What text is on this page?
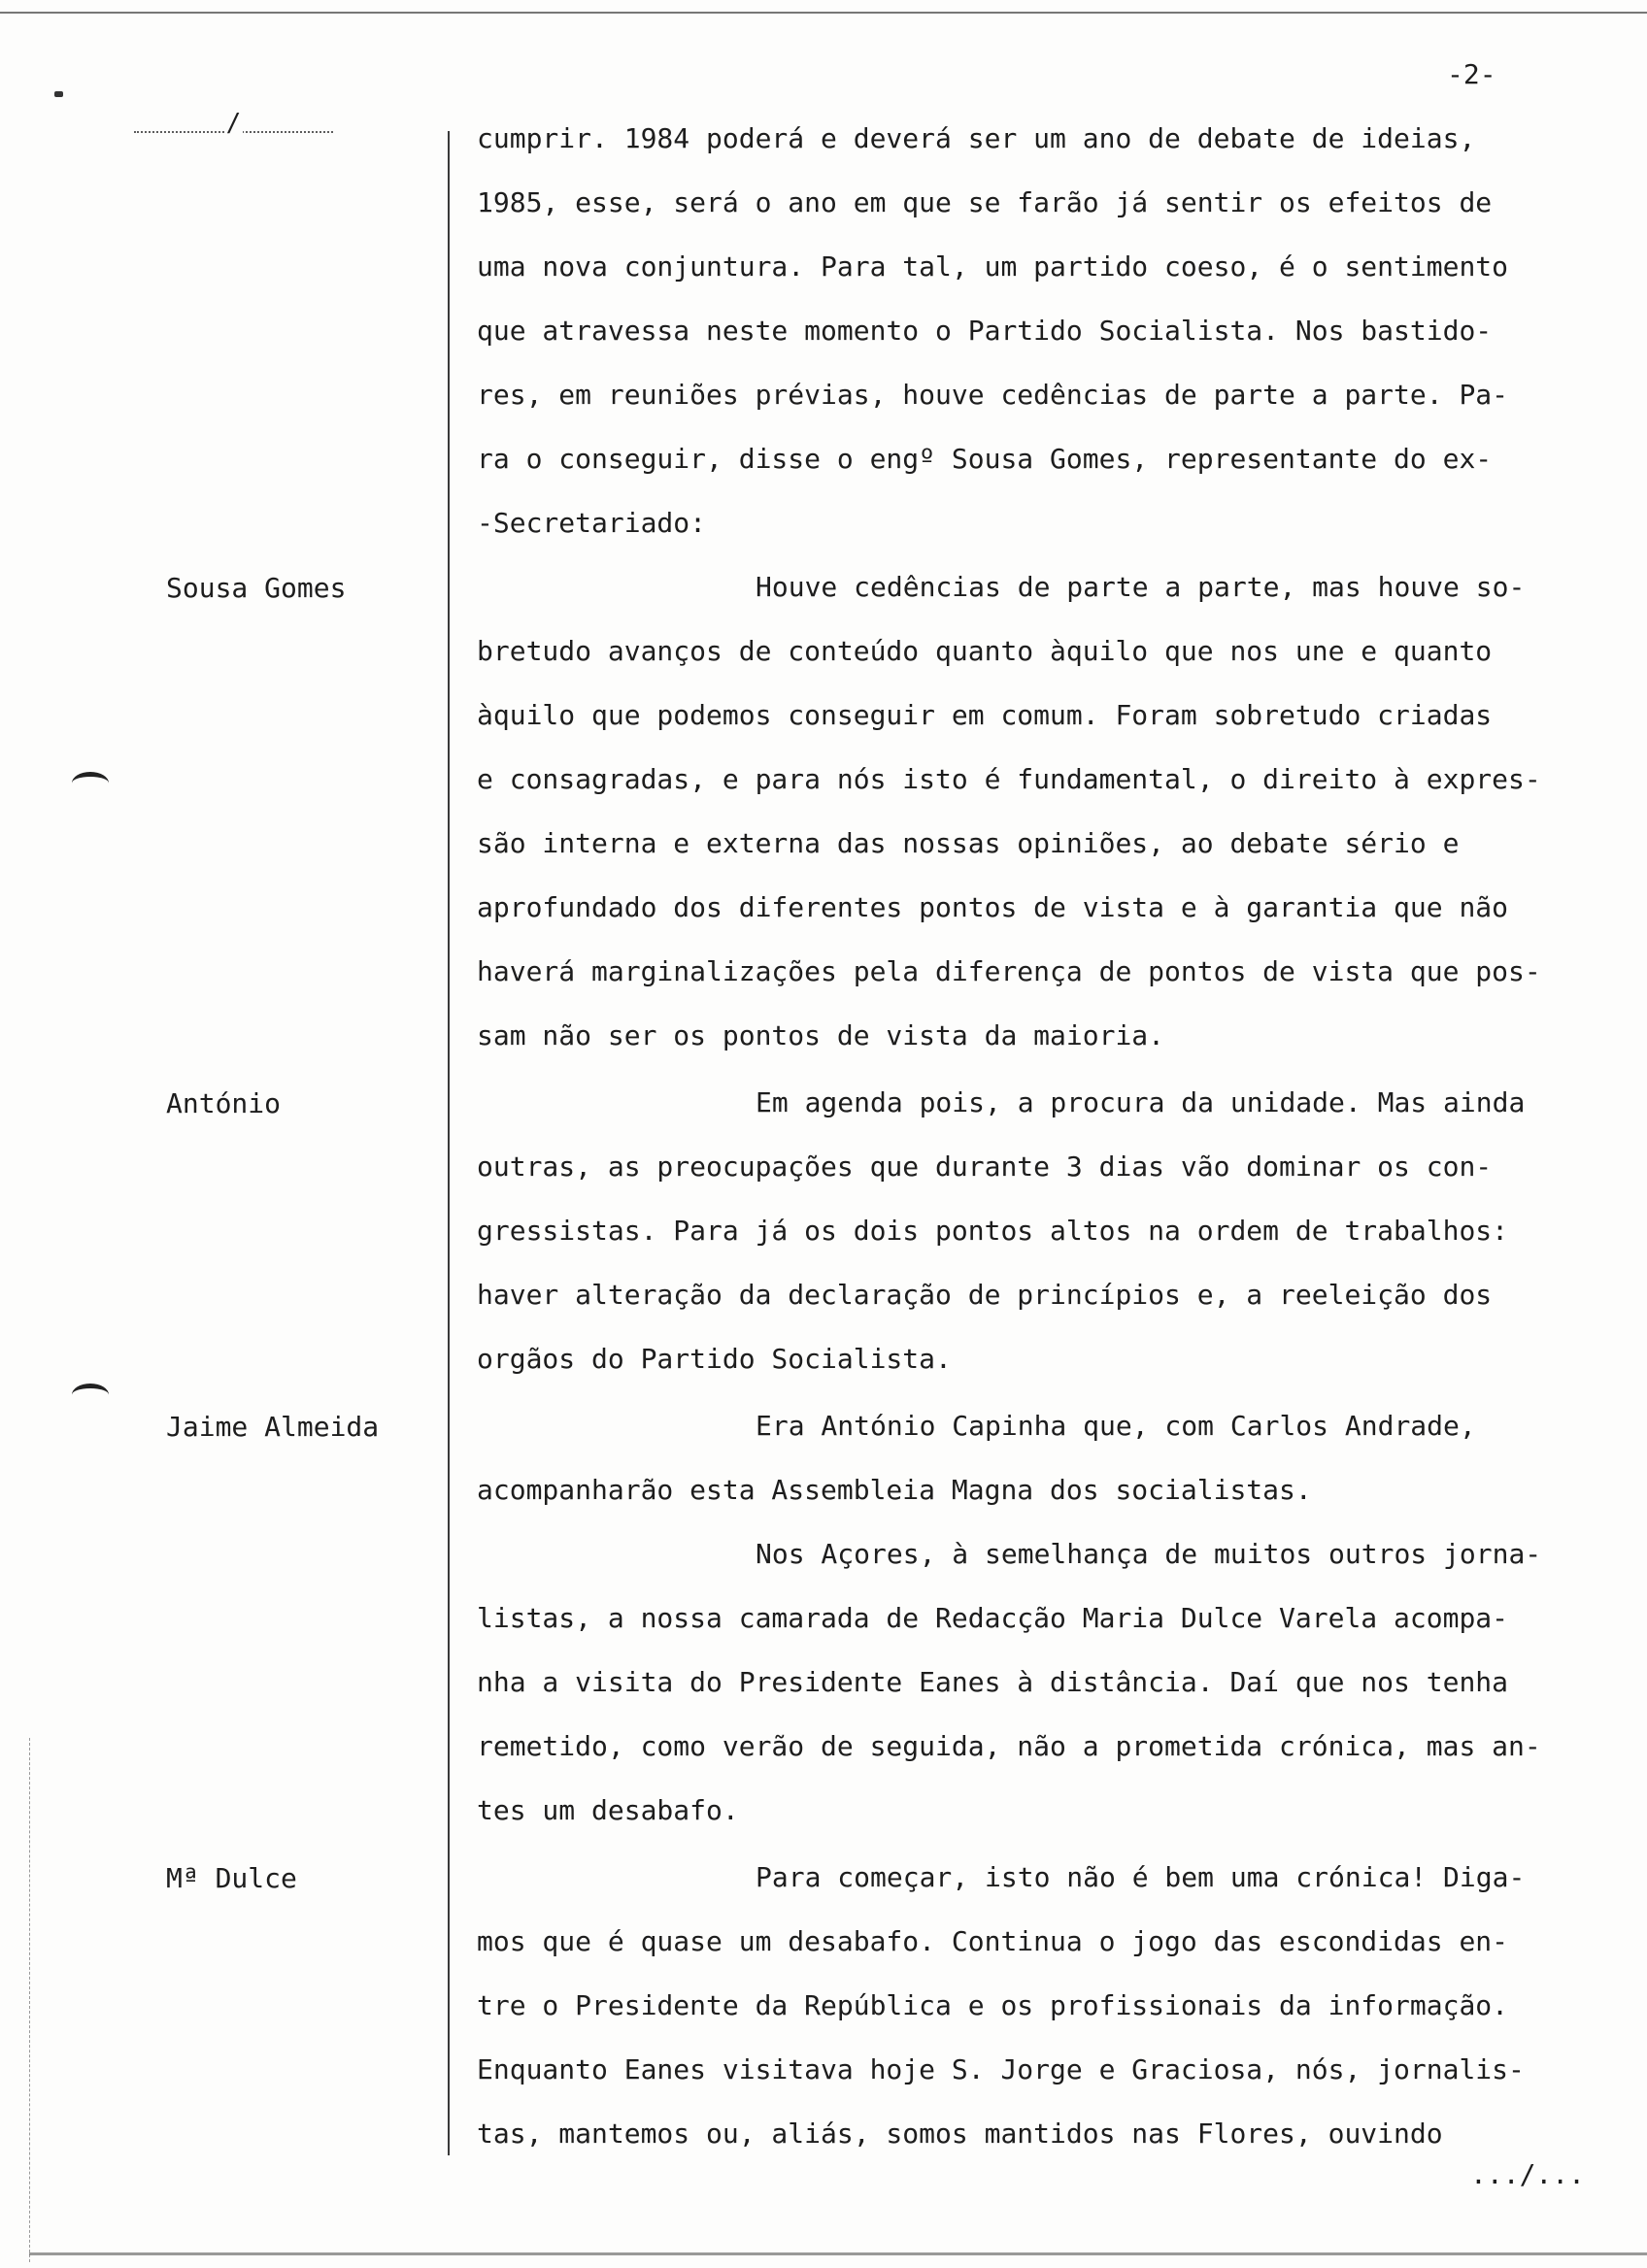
/
-2-
Sousa Gomes
António
Jaime Almeida
Mª Dulce
cumprir. 1984 poderá e deverá ser um ano de debate de ideias,
1985, esse, será o ano em que se farão já sentir os efeitos de
uma nova conjuntura. Para tal, um partido coeso, é o sentimento
que atravessa neste momento o Partido Socialista. Nos bastido-
res, em reuniões prévias, houve cedências de parte a parte. Pa-
ra o conseguir, disse o engº Sousa Gomes, representante do ex-
-Secretariado:
Houve cedências de parte a parte, mas houve so-
bretudo avanços de conteúdo quanto àquilo que nos une e quanto
àquilo que podemos conseguir em comum. Foram sobretudo criadas
e consagradas, e para nós isto é fundamental, o direito à expres-
são interna e externa das nossas opiniões, ao debate sério e
aprofundado dos diferentes pontos de vista e à garantia que não
haverá marginalizações pela diferença de pontos de vista que pos-
sam não ser os pontos de vista da maioria.
Em agenda pois, a procura da unidade. Mas ainda
outras, as preocupações que durante 3 dias vão dominar os con-
gressistas. Para já os dois pontos altos na ordem de trabalhos:
haver alteração da declaração de princípios e, a reeleição dos
orgãos do Partido Socialista.
Era António Capinha que, com Carlos Andrade,
acompanharão esta Assembleia Magna dos socialistas.
Nos Açores, à semelhança de muitos outros jorna-
listas, a nossa camarada de Redacção Maria Dulce Varela acompa-
nha a visita do Presidente Eanes à distância. Daí que nos tenha
remetido, como verão de seguida, não a prometida crónica, mas an-
tes um desabafo.
Para começar, isto não é bem uma crónica! Diga-
mos que é quase um desabafo. Continua o jogo das escondidas en-
tre o Presidente da República e os profissionais da informação.
Enquanto Eanes visitava hoje S. Jorge e Graciosa, nós, jornalis-
tas, mantemos ou, aliás, somos mantidos nas Flores, ouvindo
.../...
